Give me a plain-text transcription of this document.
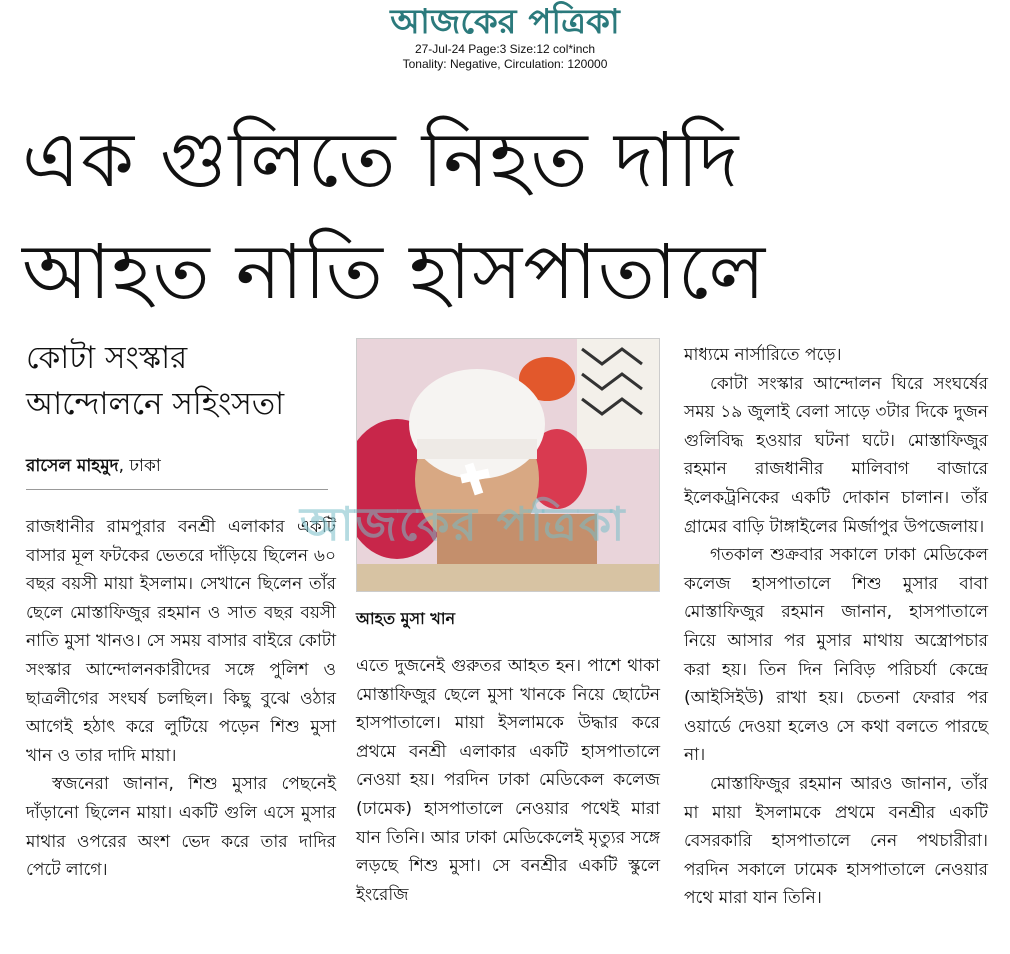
আজকের পত্রিকা
27-Jul-24 Page:3 Size:12 col*inch
Tonality: Negative, Circulation: 120000
এক গুলিতে নিহত দাদি
আহত নাতি হাসপাতালে
কোটা সংস্কার
আন্দোলনে সহিংসতা
রাসেল মাহমুদ, ঢাকা

রাজধানীর রামপুরার বনশ্রী এলাকার একটি বাসার মূল ফটকের ভেতরে দাঁড়িয়ে ছিলেন ৬০ বছর বয়সী মায়া ইসলাম। সেখানে ছিলেন তাঁর ছেলে মোস্তাফিজুর রহমান ও সাত বছর বয়সী নাতি মুসা খানও। সে সময় বাসার বাইরে কোটা সংস্কার আন্দোলনকারীদের সঙ্গে পুলিশ ও ছাত্রলীগের সংঘর্ষ চলছিল। কিছু বুঝে ওঠার আগেই হঠাৎ করে লুটিয়ে পড়েন শিশু মুসা খান ও তার দাদি মায়া।

স্বজনেরা জানান, শিশু মুসার পেছনেই দাঁড়ানো ছিলেন মায়া। একটি গুলি এসে মুসার মাথার ওপরের অংশ ভেদ করে তার দাদির পেটে লাগে।

আহত মুসা খান

এতে দুজনেই গুরুতর আহত হন। পাশে থাকা মোস্তাফিজুর ছেলে মুসা খানকে নিয়ে ছোটেন হাসপাতালে। মায়া ইসলামকে উদ্ধার করে প্রথমে বনশ্রী এলাকার একটি হাসপাতালে নেওয়া হয়। পরদিন ঢাকা মেডিকেল কলেজ (ঢামেক) হাসপাতালে নেওয়ার পথেই মারা যান তিনি। আর ঢাকা মেডিকেলেই মৃত্যুর সঙ্গে লড়ছে শিশু মুসা। সে বনশ্রীর একটি স্কুলে ইংরেজি

মাধ্যমে নার্সারিতে পড়ে।

কোটা সংস্কার আন্দোলন ঘিরে সংঘর্ষের সময় ১৯ জুলাই বেলা সাড়ে ৩টার দিকে দুজন গুলিবিদ্ধ হওয়ার ঘটনা ঘটে। মোস্তাফিজুর রহমান রাজধানীর মালিবাগ বাজারে ইলেকট্রনিকের একটি দোকান চালান। তাঁর গ্রামের বাড়ি টাঙ্গাইলের মির্জাপুর উপজেলায়।

গতকাল শুক্রবার সকালে ঢাকা মেডিকেল কলেজ হাসপাতালে শিশু মুসার বাবা মোস্তাফিজুর রহমান জানান, হাসপাতালে নিয়ে আসার পর মুসার মাথায় অস্ত্রোপচার করা হয়। তিন দিন নিবিড় পরিচর্যা কেন্দ্রে (আইসিইউ) রাখা হয়। চেতনা ফেরার পর ওয়ার্ডে দেওয়া হলেও সে কথা বলতে পারছে না।

মোস্তাফিজুর রহমান আরও জানান, তাঁর মা মায়া ইসলামকে প্রথমে বনশ্রীর একটি বেসরকারি হাসপাতালে নেন পথচারীরা। পরদিন সকালে ঢামেক হাসপাতালে নেওয়ার পথে মারা যান তিনি।

আজকের পত্রিকা
